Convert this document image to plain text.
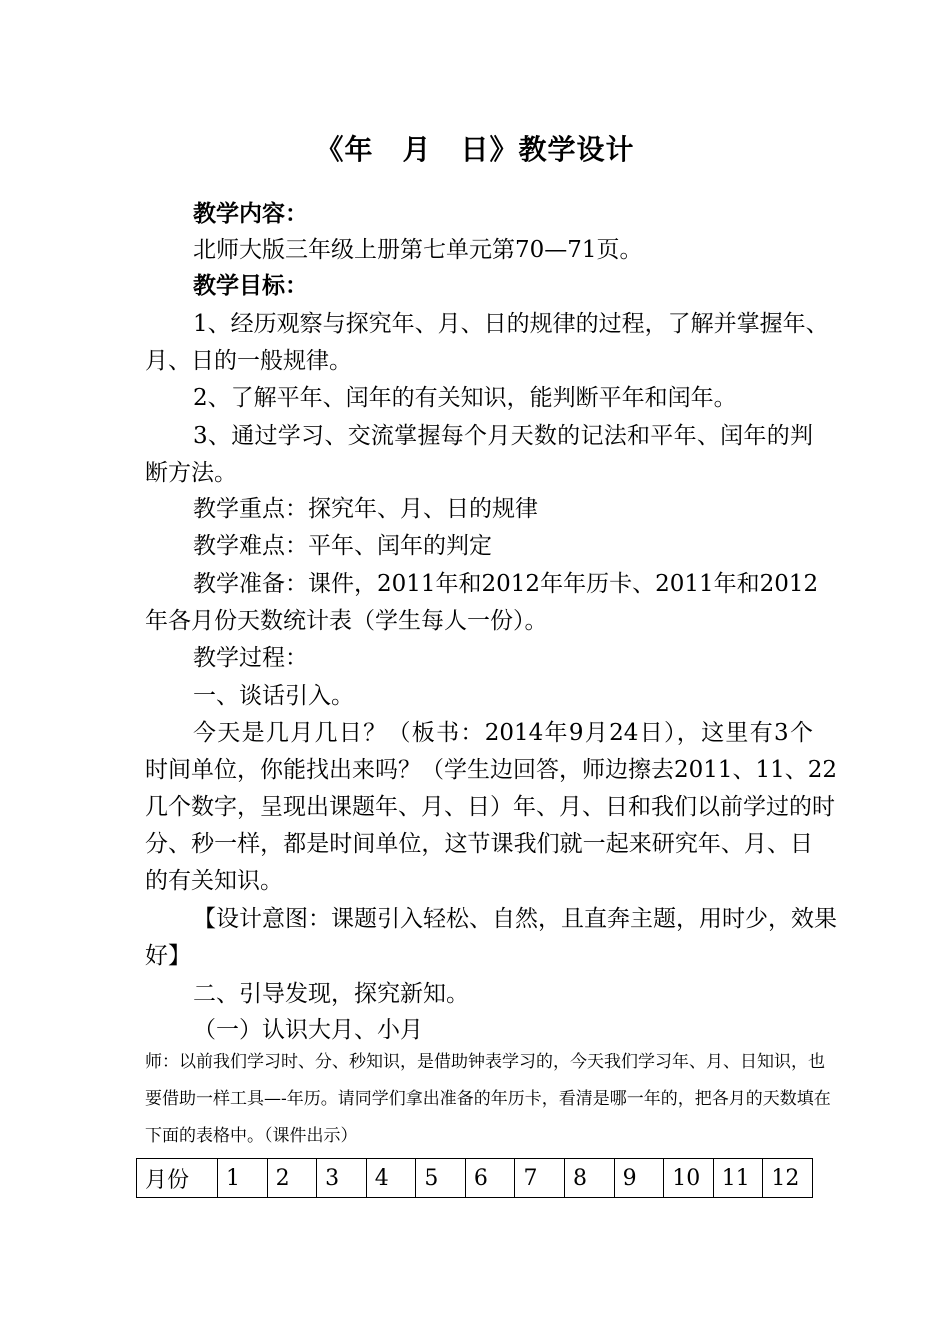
《年　月　日》教学设计
教学内容：
北师大版三年级上册第七单元第70—71页。
教学目标：
1、经历观察与探究年、月、日的规律的过程，了解并掌握年、
月、日的一般规律。
2、了解平年、闰年的有关知识，能判断平年和闰年。
3、通过学习、交流掌握每个月天数的记法和平年、闰年的判
断方法。
教学重点：探究年、月、日的规律
教学难点：平年、闰年的判定
教学准备：课件，2011年和2012年年历卡、2011年和2012
年各月份天数统计表（学生每人一份）。
教学过程：
一、谈话引入。
今天是几月几日？（板书：2014年9月24日），这里有3个
时间单位，你能找出来吗？（学生边回答，师边擦去2011、11、22
几个数字，呈现出课题年、月、日）年、月、日和我们以前学过的时
分、秒一样，都是时间单位，这节课我们就一起来研究年、月、日
的有关知识。
【设计意图：课题引入轻松、自然，且直奔主题，用时少，效果
好】
二、引导发现，探究新知。
（一）认识大月、小月
师：以前我们学习时、分、秒知识，是借助钟表学习的，今天我们学习年、月、日知识，也
要借助一样工具—-年历。请同学们拿出准备的年历卡，看清是哪一年的，把各月的天数填在
下面的表格中。（课件出示）
月份	1	2	3	4	5	6	7	8	9	10	11	12
